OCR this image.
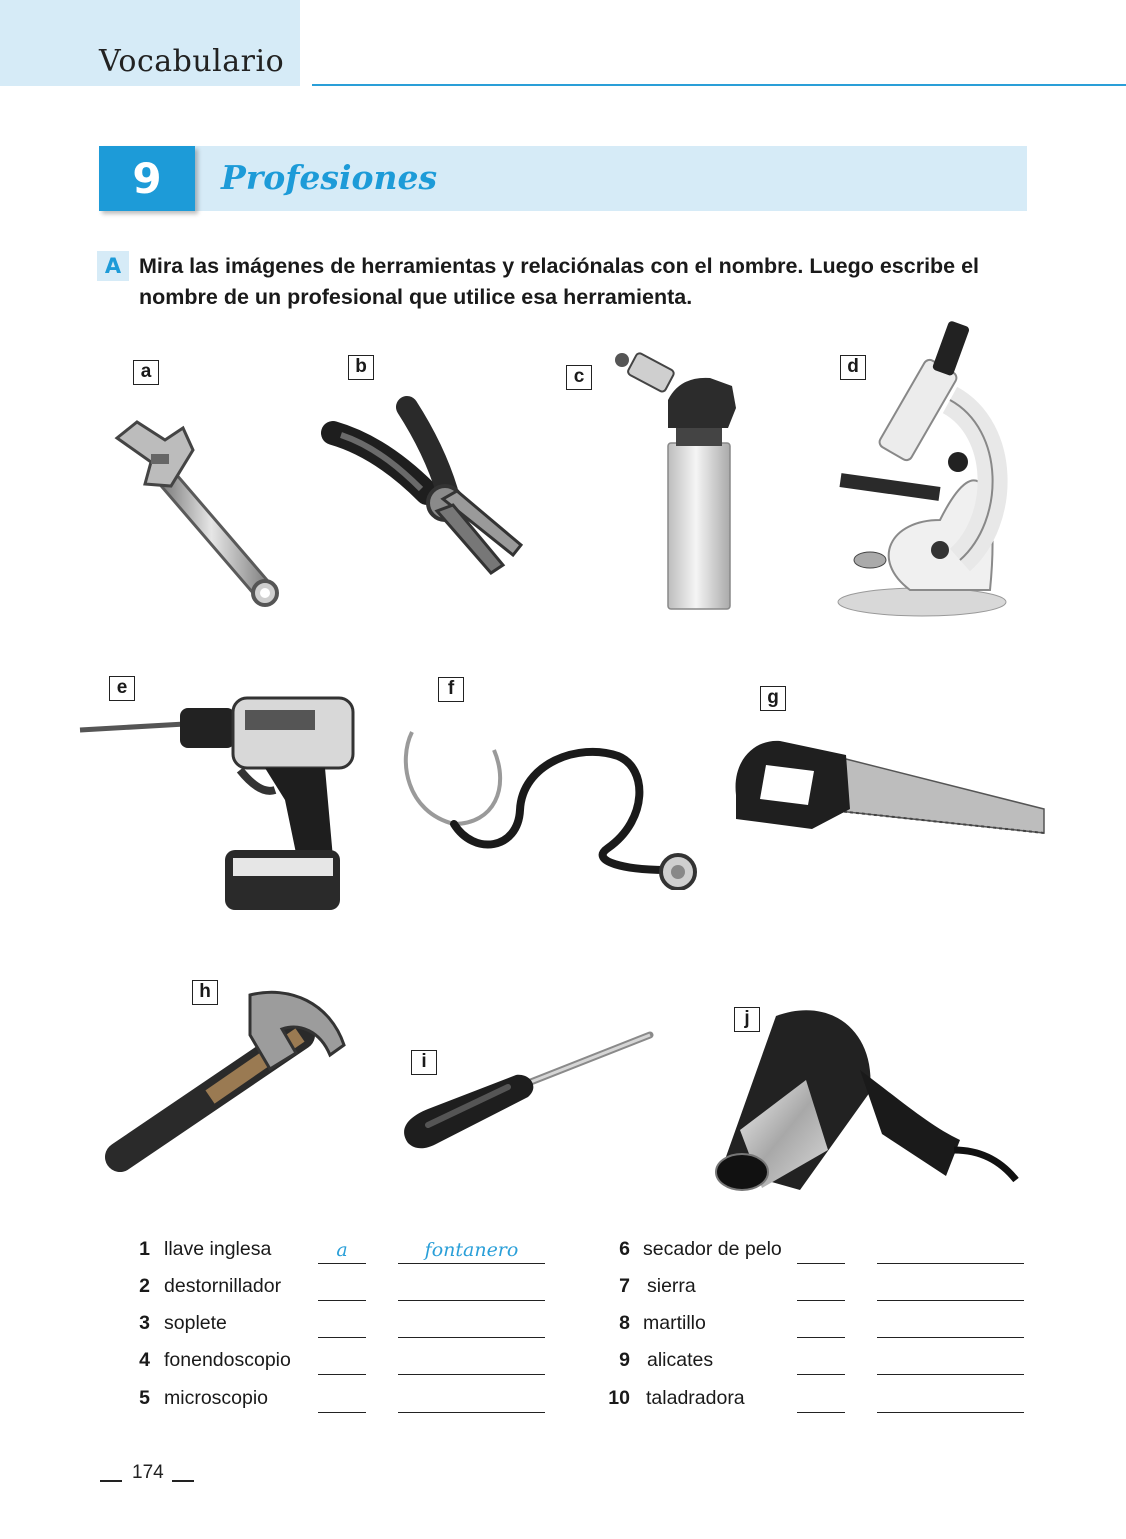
Vocabulario
9	Profesiones
A Mira las imágenes de herramientas y relaciónalas con el nombre. Luego escribe el nombre de un profesional que utilice esa herramienta.
a	b	c	d
e	f	g
h
i
j
1 llave inglesa	a	fontanero
2 destornillador
3 soplete
4 fonendoscopio
5 microscopio
6 secador de pelo
7 sierra
8 martillo
9 alicates
10 taladradora
174
